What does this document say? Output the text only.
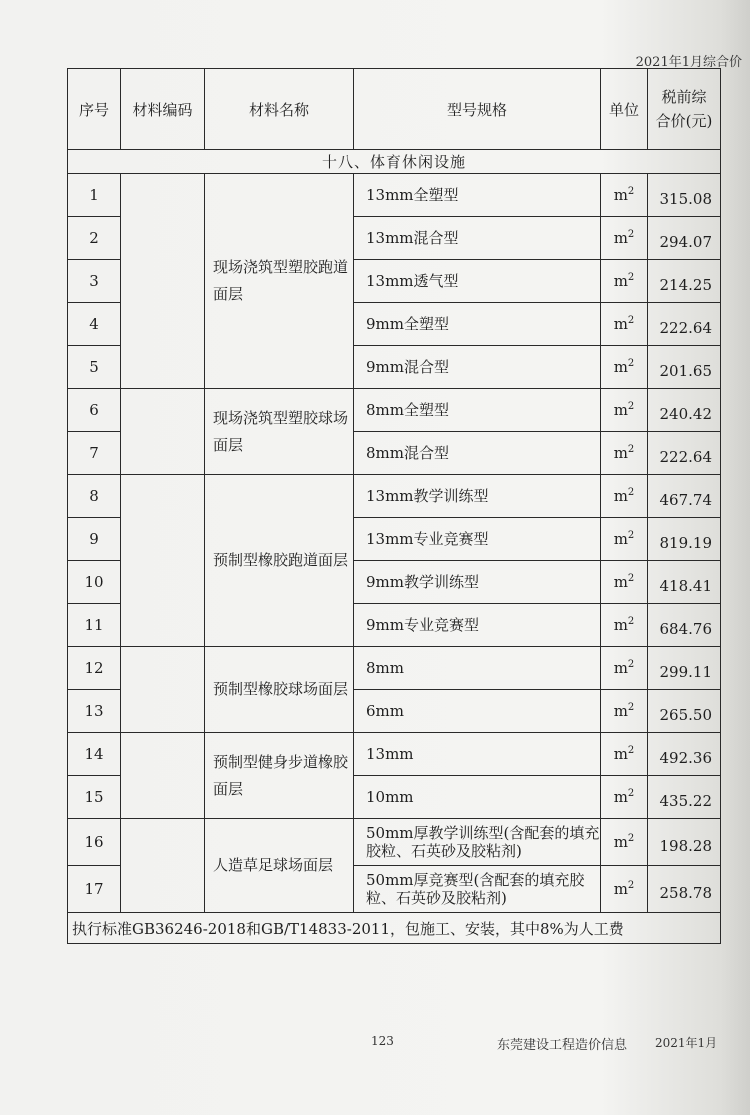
2021年1月综合价
序号	材料编码	材料名称	型号规格	单位	税前综
合价(元)

十八、体育休闲设施					
1		现场浇筑型塑胶跑道面层	13mm全塑型	$m^2$	315.08
2			13mm混合型	$m^2$	294.07
3			13mm透气型	$m^2$	214.25
4			9mm全塑型	$m^2$	222.64
5			9mm混合型	$m^2$	201.65
6		现场浇筑型塑胶球场面层	8mm全塑型	$m^2$	240.42
7			8mm混合型	$m^2$	222.64
8		预制型橡胶跑道面层	13mm教学训练型	$m^2$	467.74
9			13mm专业竞赛型	$m^2$	819.19
10			9mm教学训练型	$m^2$	418.41
11			9mm专业竞赛型	$m^2$	684.76
12		预制型橡胶球场面层	8mm	$m^2$	299.11
13			6mm	$m^2$	265.50
14		预制型健身步道橡胶面层	13mm	$m^2$	492.36
15			10mm	$m^2$	435.22
16		人造草足球场面层	50mm厚教学训练型(含配套的填充胶粒、石英砂及胶粘剂)	$m^2$	198.28
17			50mm厚竞赛型(含配套的填充胶粒、石英砂及胶粘剂)	$m^2$	258.78
执行标准GB36246-2018和GB/T14833-2011，包施工、安装，其中8%为人工费					
123	东莞建设工程造价信息 2021年1月
